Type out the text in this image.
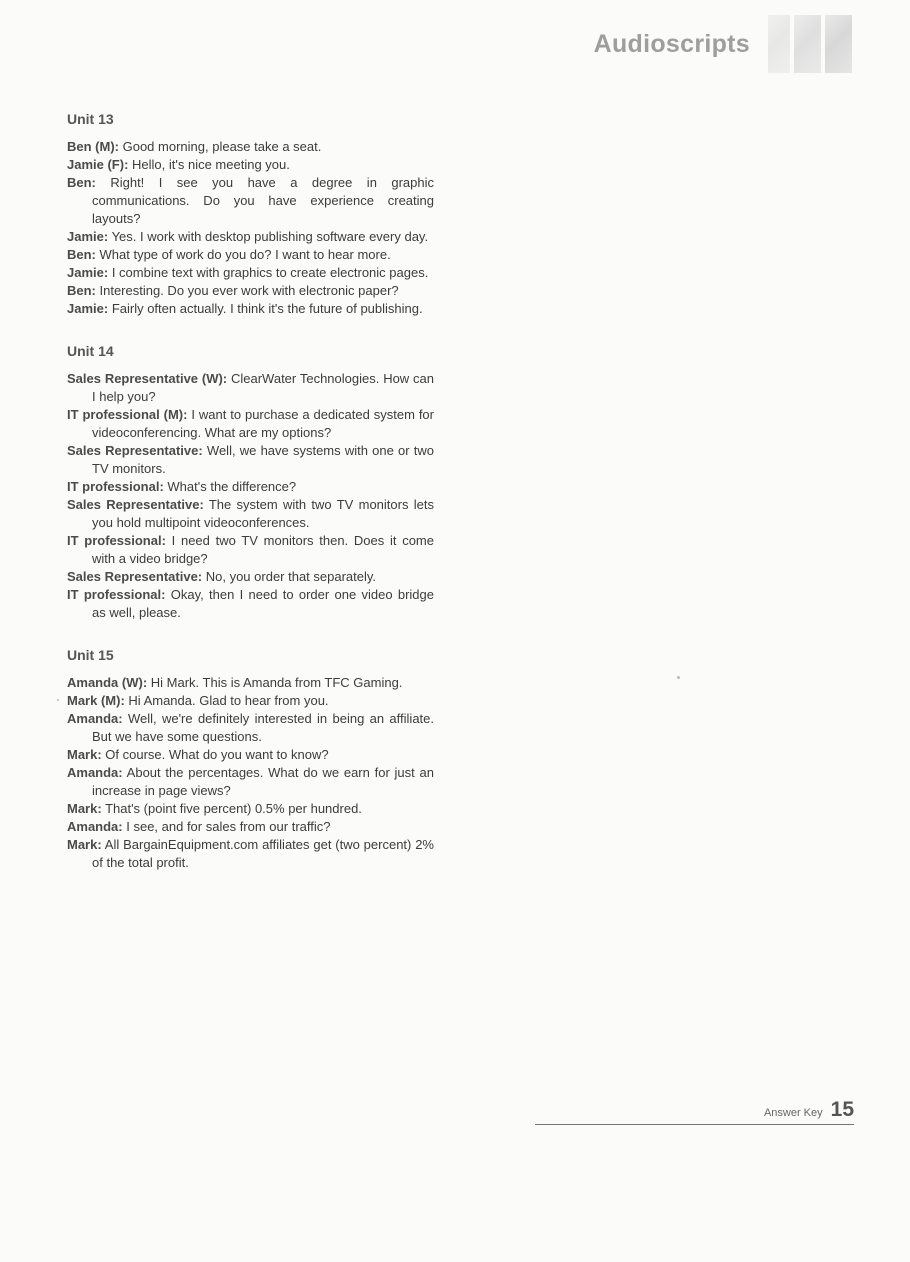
Audioscripts
Unit 13

Ben (M): Good morning, please take a seat.

Jamie (F): Hello, it's nice meeting you.

Ben: Right! I see you have a degree in graphic communications. Do you have experience creating layouts?

Jamie: Yes. I work with desktop publishing software every day.

Ben: What type of work do you do? I want to hear more.

Jamie: I combine text with graphics to create electronic pages.

Ben: Interesting. Do you ever work with electronic paper?

Jamie: Fairly often actually. I think it's the future of publishing.

Unit 14

Sales Representative (W): ClearWater Technologies. How can I help you?

IT professional (M): I want to purchase a dedicated system for videoconferencing. What are my options?

Sales Representative: Well, we have systems with one or two TV monitors.

IT professional: What's the difference?

Sales Representative: The system with two TV monitors lets you hold multipoint videoconferences.

IT professional: I need two TV monitors then. Does it come with a video bridge?

Sales Representative: No, you order that separately.

IT professional: Okay, then I need to order one video bridge as well, please.

Unit 15

Amanda (W): Hi Mark. This is Amanda from TFC Gaming.

Mark (M): Hi Amanda. Glad to hear from you.

Amanda: Well, we're definitely interested in being an affiliate. But we have some questions.

Mark: Of course. What do you want to know?

Amanda: About the percentages. What do we earn for just an increase in page views?

Mark: That's (point five percent) 0.5% per hundred.

Amanda: I see, and for sales from our traffic?

Mark: All BargainEquipment.com affiliates get (two percent) 2% of the total profit.

Answer Key 15
